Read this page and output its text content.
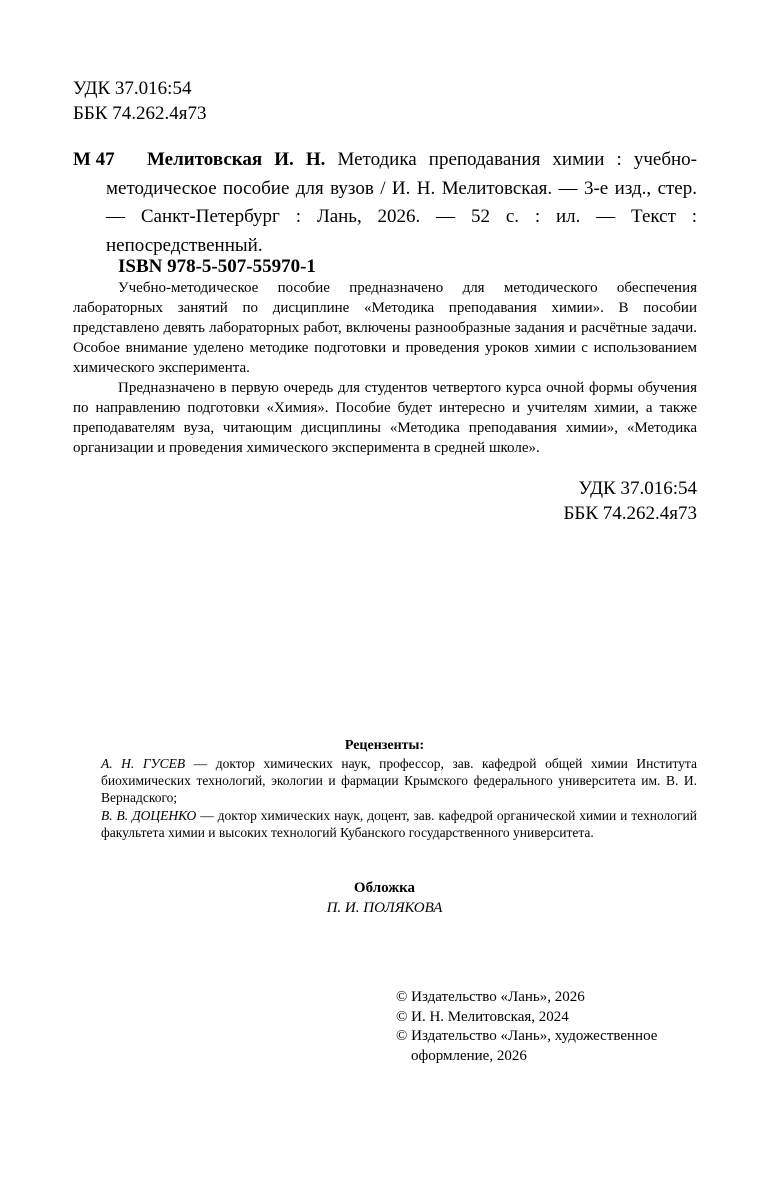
УДК 37.016:54
ББК 74.262.4я73
М 47	Мелитовская И. Н. Методика преподавания химии : учебно-методическое пособие для вузов / И. Н. Мелитовская. — 3-е изд., стер. — Санкт-Петербург : Лань, 2026. — 52 с. : ил. — Текст : непосредственный.
ISBN 978-5-507-55970-1

Учебно-методическое пособие предназначено для методического обеспечения лабораторных занятий по дисциплине «Методика преподавания химии». В пособии представлено девять лабораторных работ, включены разнообразные задания и расчётные задачи. Особое внимание уделено методике подготовки и проведения уроков химии с использованием химического эксперимента.

Предназначено в первую очередь для студентов четвертого курса очной формы обучения по направлению подготовки «Химия». Пособие будет интересно и учителям химии, а также преподавателям вуза, читающим дисциплины «Методика преподавания химии», «Методика организации и проведения химического эксперимента в средней школе».

УДК 37.016:54
ББК 74.262.4я73
Рецензенты:

А. Н. ГУСЕВ — доктор химических наук, профессор, зав. кафедрой общей химии Института биохимических технологий, экологии и фармации Крымского федерального университета им. В. И. Вернадского;

В. В. ДОЦЕНКО — доктор химических наук, доцент, зав. кафедрой органической химии и технологий факультета химии и высоких технологий Кубанского государственного университета.

Обложка
П. И. ПОЛЯКОВА
© Издательство «Лань», 2026
© И. Н. Мелитовская, 2024
© Издательство «Лань», художественное
оформление, 2026
